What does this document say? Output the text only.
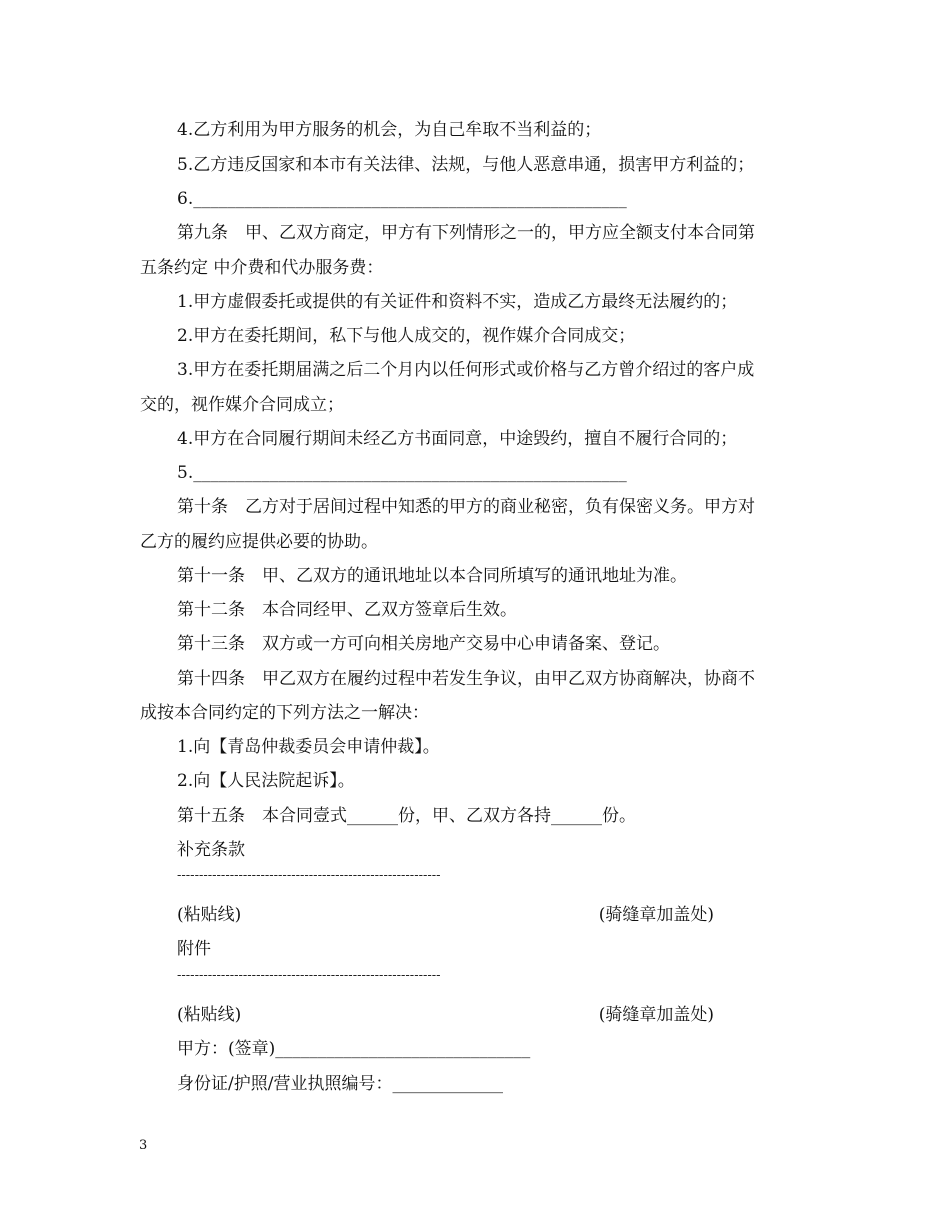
4.乙方利用为甲方服务的机会，为自己牟取不当利益的；
5.乙方违反国家和本市有关法律、法规，与他人恶意串通，损害甲方利益的；
6.___________________________________________________
第九条　甲、乙双方商定，甲方有下列情形之一的，甲方应全额支付本合同第
五条约定 中介费和代办服务费：
1.甲方虚假委托或提供的有关证件和资料不实，造成乙方最终无法履约的；
2.甲方在委托期间，私下与他人成交的，视作媒介合同成交；
3.甲方在委托期届满之后二个月内以任何形式或价格与乙方曾介绍过的客户成
交的，视作媒介合同成立；
4.甲方在合同履行期间未经乙方书面同意，中途毁约，擅自不履行合同的；
5.___________________________________________________
第十条　乙方对于居间过程中知悉的甲方的商业秘密，负有保密义务。甲方对
乙方的履约应提供必要的协助。
第十一条　甲、乙双方的通讯地址以本合同所填写的通讯地址为准。
第十二条　本合同经甲、乙双方签章后生效。
第十三条　双方或一方可向相关房地产交易中心申请备案、登记。
第十四条　甲乙双方在履约过程中若发生争议，由甲乙双方协商解决，协商不
成按本合同约定的下列方法之一解决：
1.向【青岛仲裁委员会申请仲裁】。
2.向【人民法院起诉】。
第十五条　本合同壹式______份，甲、乙双方各持______份。
补充条款
------------------------------------------------------------
(粘贴线)	(骑缝章加盖处)
附件
------------------------------------------------------------
(粘贴线)	(骑缝章加盖处)
甲方：(签章)______________________________
身份证/护照/营业执照编号：_____________
3
